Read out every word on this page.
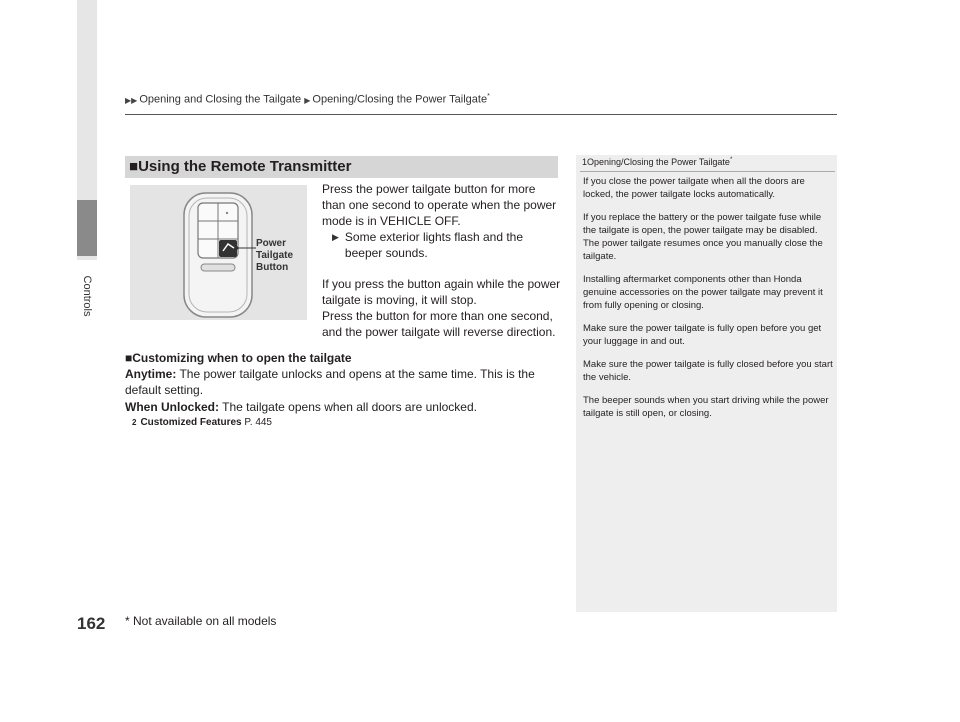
Controls
▶▶ Opening and Closing the Tailgate ▶ Opening/Closing the Power Tailgate*
■Using the Remote Transmitter
Power
Tailgate
Button

Press the power tailgate button for more than one second to operate when the power mode is in VEHICLE OFF.

▶ Some exterior lights flash and the beeper sounds.

If you press the button again while the power tailgate is moving, it will stop.

Press the button for more than one second, and the power tailgate will reverse direction.

■Customizing when to open the tailgate
Anytime: The power tailgate unlocks and opens at the same time. This is the default setting.
When Unlocked: The tailgate opens when all doors are unlocked.
2 Customized Features P. 445
1Opening/Closing the Power Tailgate*

If you close the power tailgate when all the doors are locked, the power tailgate locks automatically.

If you replace the battery or the power tailgate fuse while the tailgate is open, the power tailgate may be disabled. The power tailgate resumes once you manually close the tailgate.

Installing aftermarket components other than Honda genuine accessories on the power tailgate may prevent it from fully opening or closing.

Make sure the power tailgate is fully open before you get your luggage in and out.

Make sure the power tailgate is fully closed before you start the vehicle.

The beeper sounds when you start driving while the power tailgate is still open, or closing.

162 * Not available on all models
